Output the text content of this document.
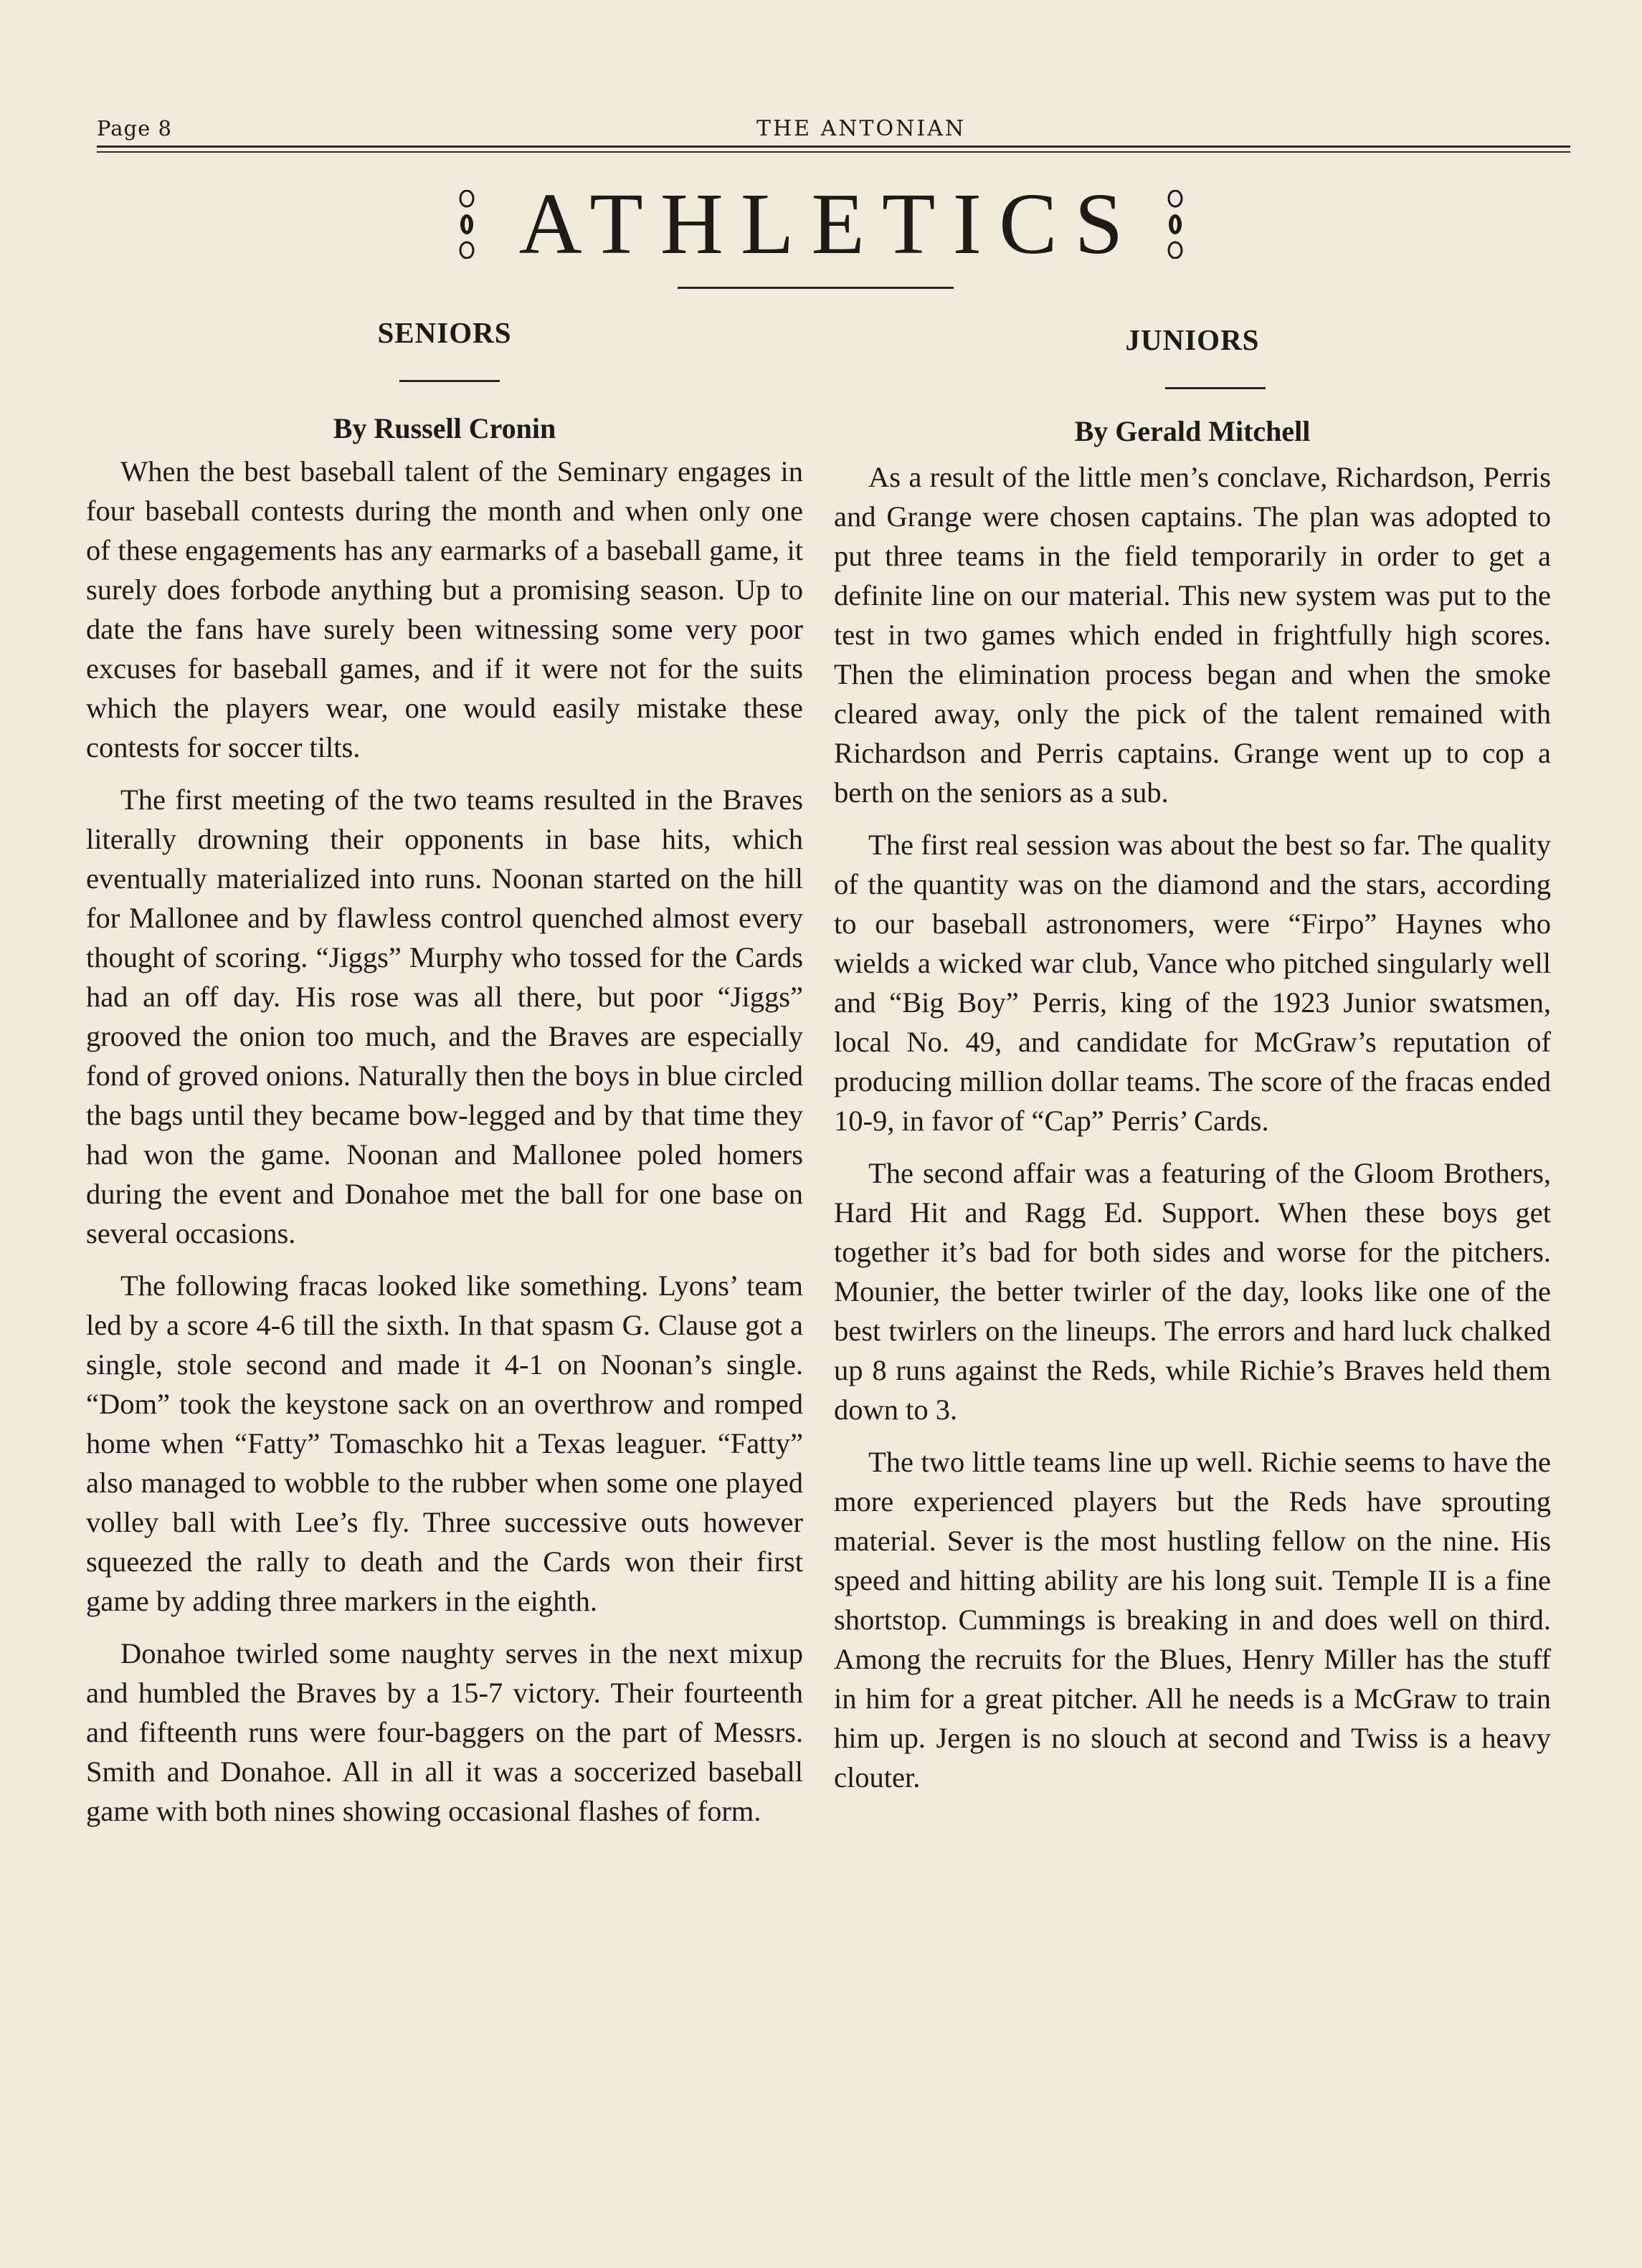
Page 8	THE ANTONIAN
ATHLETICS
SENIORS
By Russell Cronin

When the best baseball talent of the Seminary engages in four baseball contests during the month and when only one of these engagements has any earmarks of a baseball game, it surely does forbode anything but a promising season. Up to date the fans have surely been witnessing some very poor excuses for baseball games, and if it were not for the suits which the players wear, one would easily mistake these contests for soccer tilts.

The first meeting of the two teams resulted in the Braves literally drowning their opponents in base hits, which eventually materialized into runs. Noonan started on the hill for Mallonee and by flawless control quenched almost every thought of scoring. “Jiggs” Murphy who tossed for the Cards had an off day. His rose was all there, but poor “Jiggs” grooved the onion too much, and the Braves are especially fond of groved onions. Naturally then the boys in blue circled the bags until they became bow-legged and by that time they had won the game. Noonan and Mallonee poled homers during the event and Donahoe met the ball for one base on several occasions.

The following fracas looked like something. Lyons’ team led by a score 4-6 till the sixth. In that spasm G. Clause got a single, stole second and made it 4-1 on Noonan’s single. “Dom” took the keystone sack on an overthrow and romped home when “Fatty” Tomaschko hit a Texas leaguer. “Fatty” also managed to wobble to the rubber when some one played volley ball with Lee’s fly. Three successive outs however squeezed the rally to death and the Cards won their first game by adding three markers in the eighth.

Donahoe twirled some naughty serves in the next mixup and humbled the Braves by a 15-7 victory. Their fourteenth and fifteenth runs were four-baggers on the part of Messrs. Smith and Donahoe. All in all it was a soccerized baseball game with both nines showing occasional flashes of form.

JUNIORS
By Gerald Mitchell

As a result of the little men’s conclave, Richardson, Perris and Grange were chosen captains. The plan was adopted to put three teams in the field temporarily in order to get a definite line on our material. This new system was put to the test in two games which ended in frightfully high scores. Then the elimination process began and when the smoke cleared away, only the pick of the talent remained with Richardson and Perris captains. Grange went up to cop a berth on the seniors as a sub.

The first real session was about the best so far. The quality of the quantity was on the diamond and the stars, according to our baseball astronomers, were “Firpo” Haynes who wields a wicked war club, Vance who pitched singularly well and “Big Boy” Perris, king of the 1923 Junior swatsmen, local No. 49, and candidate for McGraw’s reputation of producing million dollar teams. The score of the fracas ended 10-9, in favor of “Cap” Perris’ Cards.

The second affair was a featuring of the Gloom Brothers, Hard Hit and Ragg Ed. Support. When these boys get together it’s bad for both sides and worse for the pitchers. Mounier, the better twirler of the day, looks like one of the best twirlers on the lineups. The errors and hard luck chalked up 8 runs against the Reds, while Richie’s Braves held them down to 3.

The two little teams line up well. Richie seems to have the more experienced players but the Reds have sprouting material. Sever is the most hustling fellow on the nine. His speed and hitting ability are his long suit. Temple II is a fine shortstop. Cummings is breaking in and does well on third. Among the recruits for the Blues, Henry Miller has the stuff in him for a great pitcher. All he needs is a McGraw to train him up. Jergen is no slouch at second and Twiss is a heavy clouter.
